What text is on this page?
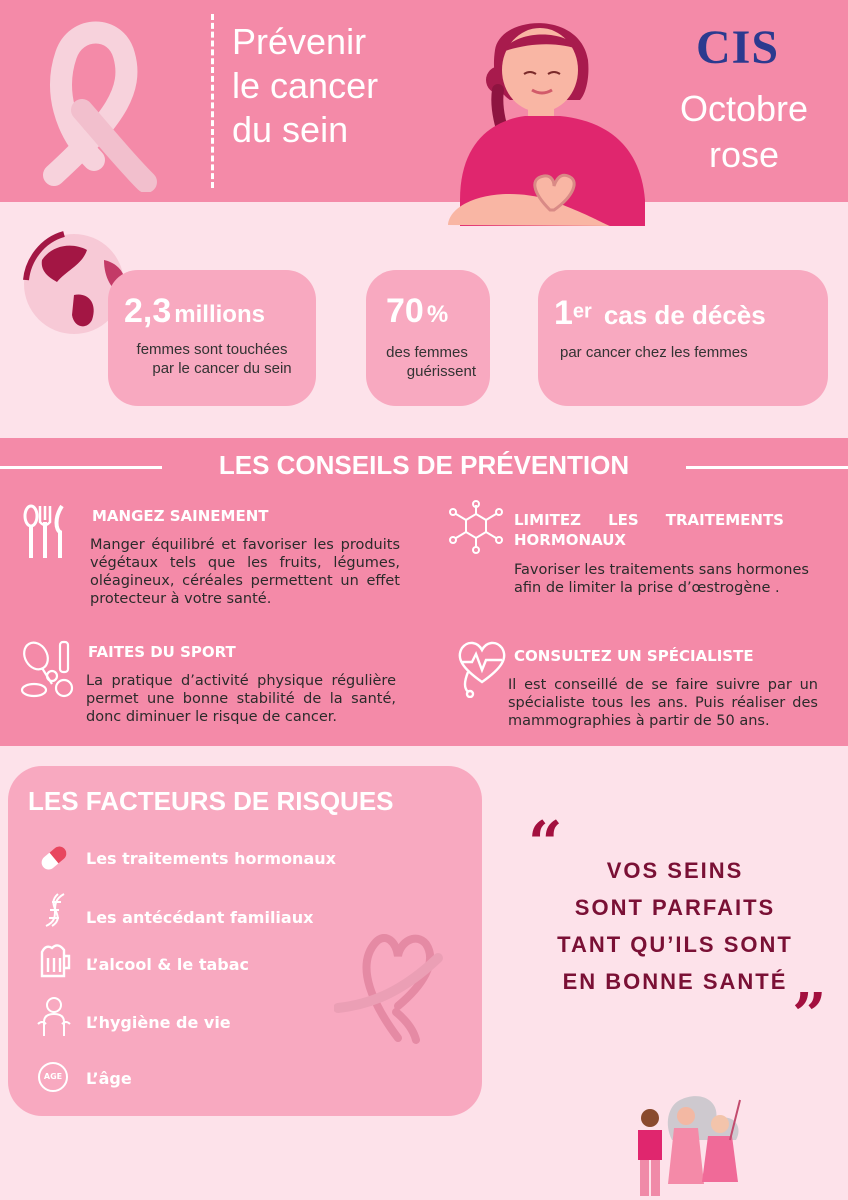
Prévenir
le cancer
du sein
CIS
Octobre
rose
2,3 millions
femmes sont touchées
par le cancer du sein
70 %
des femmes
guérissent
1er cas de décès
par cancer chez les femmes
LES CONSEILS DE PRÉVENTION
MANGEZ SAINEMENT
Manger équilibré et favoriser les produits végétaux tels que les fruits, légumes, oléagineux, céréales permettent un effet protecteur à votre santé.
LIMITEZ LES TRAITEMENTS HORMONAUX
Favoriser les traitements sans hormones afin de limiter la prise d’œstrogène .
FAITES DU SPORT
La pratique d’activité physique régulière permet une bonne stabilité de la santé, donc diminuer le risque de cancer.
CONSULTEZ UN SPÉCIALISTE
Il est conseillé de se faire suivre par un spécialiste tous les ans. Puis réaliser des mammographies à partir de 50 ans.
LES FACTEURS DE RISQUES
Les traitements hormonaux
Les antécédant familiaux
L’alcool & le tabac
L’hygiène de vie
AGE	L’âge
“	VOS SEINS
SONT PARFAITS
TANT QU’ILS SONT
EN BONNE SANTÉ ”
